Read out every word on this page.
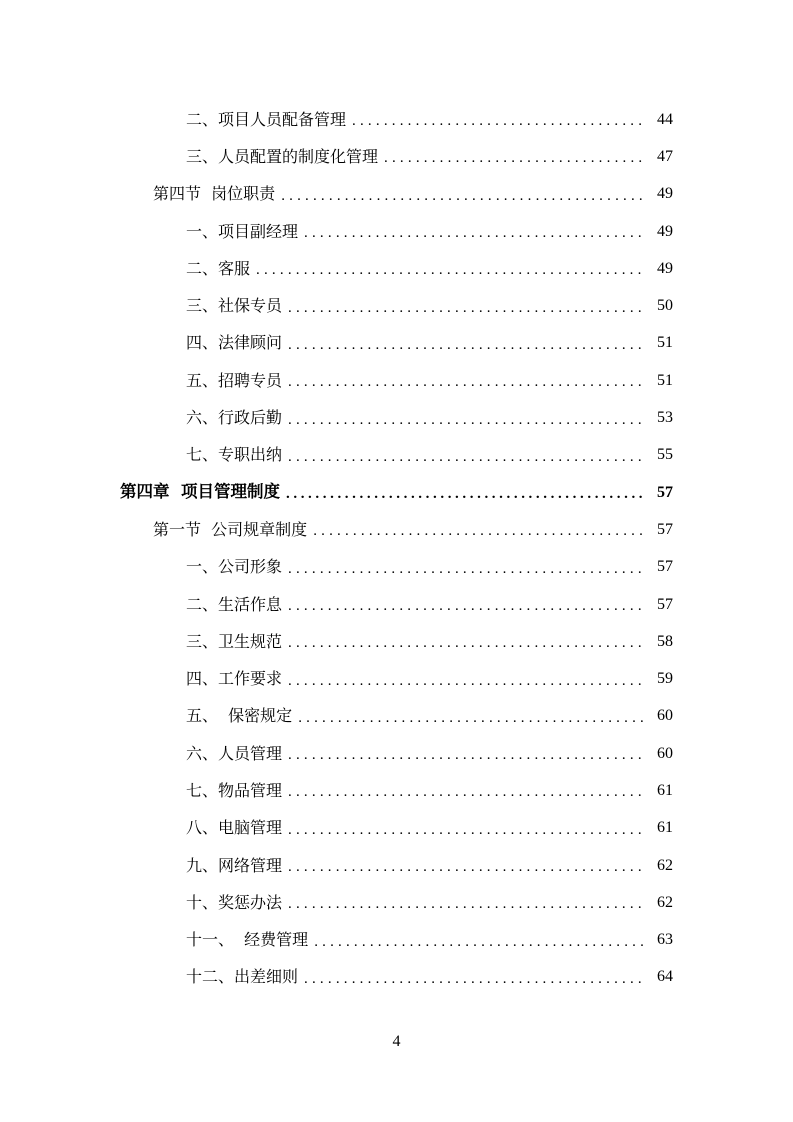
二、项目人员配备管理 .....	44
三、人员配置的制度化管理 .....	47
第四节  岗位职责 .....	49
一、项目副经理 .....	49
二、客服 .....	49
三、社保专员 .....	50
四、法律顾问 .....	51
五、招聘专员 .....	51
六、行政后勤 .....	53
七、专职出纳 .....	55
第四章  项目管理制度 .....	57
第一节  公司规章制度 .....	57
一、公司形象 .....	57
二、生活作息 .....	57
三、卫生规范 .....	58
四、工作要求 .....	59
五、  保密规定 .....	60
六、人员管理 .....	60
七、物品管理 .....	61
八、电脑管理 .....	61
九、网络管理 .....	62
十、奖惩办法 .....	62
十一、  经费管理 .....	63
十二、出差细则 .....	64
4
